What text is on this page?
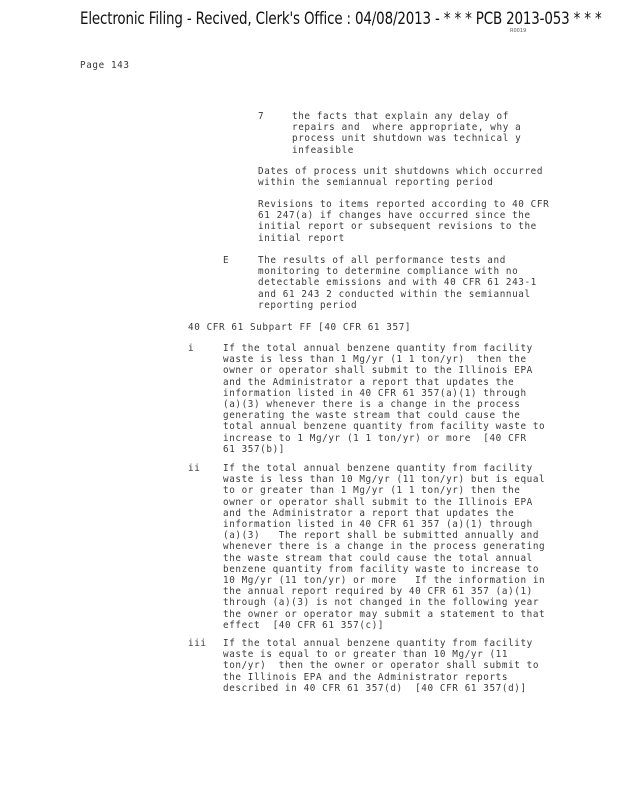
Electronic Filing - Recived, Clerk's Office : 04/08/2013 - * * * PCB 2013-053 * * *
R0019
Page 143
7	the facts that explain any delay of
repairs and  where appropriate, why a
process unit shutdown was technical y
infeasible
Dates of process unit shutdowns which occurred
within the semiannual reporting period
Revisions to items reported according to 40 CFR
61 247(a) if changes have occurred since the
initial report or subsequent revisions to the
initial report
E	The results of all performance tests and
monitoring to determine compliance with no
detectable emissions and with 40 CFR 61 243-1
and 61 243 2 conducted within the semiannual
reporting period
40 CFR 61 Subpart FF [40 CFR 61 357]
i	If the total annual benzene quantity from facility
waste is less than 1 Mg/yr (1 1 ton/yr)  then the
owner or operator shall submit to the Illinois EPA
and the Administrator a report that updates the
information listed in 40 CFR 61 357(a)(1) through
(a)(3) whenever there is a change in the process
generating the waste stream that could cause the
total annual benzene quantity from facility waste to
increase to 1 Mg/yr (1 1 ton/yr) or more  [40 CFR
61 357(b)]
ii If the total annual benzene quantity from facility
waste is less than 10 Mg/yr (11 ton/yr) but is equal
to or greater than 1 Mg/yr (1 1 ton/yr) then the
owner or operator shall submit to the Illinois EPA
and the Administrator a report that updates the
information listed in 40 CFR 61 357 (a)(1) through
(a)(3)   The report shall be submitted annually and
whenever there is a change in the process generating
the waste stream that could cause the total annual
benzene quantity from facility waste to increase to
10 Mg/yr (11 ton/yr) or more   If the information in
the annual report required by 40 CFR 61 357 (a)(1)
through (a)(3) is not changed in the following year
the owner or operator may submit a statement to that
effect  [40 CFR 61 357(c)]
iii If the total annual benzene quantity from facility
waste is equal to or greater than 10 Mg/yr (11
ton/yr)  then the owner or operator shall submit to
the Illinois EPA and the Administrator reports
described in 40 CFR 61 357(d)  [40 CFR 61 357(d)]
